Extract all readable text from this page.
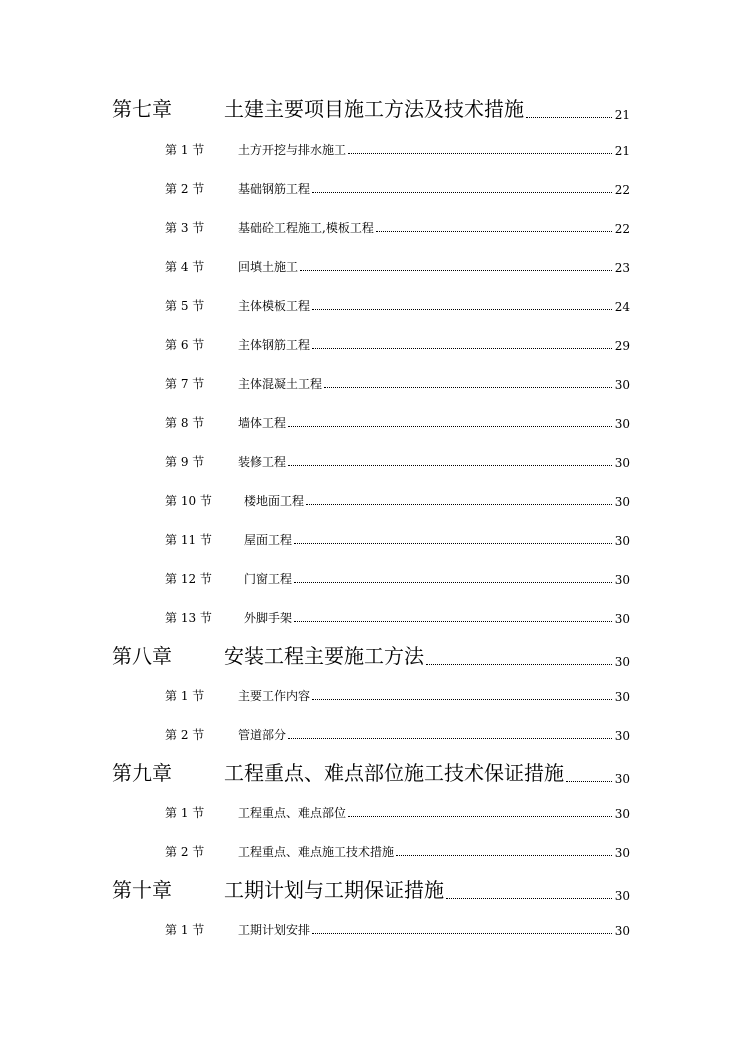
第七章	土建主要项目施工方法及技术措施	21
第 1 节	土方开挖与排水施工	21
第 2 节	基础钢筋工程	22
第 3 节	基础砼工程施工,模板工程	22
第 4 节	回填土施工	23
第 5 节	主体模板工程	24
第 6 节	主体钢筋工程	29
第 7 节	主体混凝土工程	30
第 8 节	墙体工程	30
第 9 节	装修工程	30
第 10 节	楼地面工程	30
第 11 节	屋面工程	30
第 12 节	门窗工程	30
第 13 节	外脚手架	30
第八章	安装工程主要施工方法	30
第 1 节	主要工作内容	30
第 2 节	管道部分	30
第九章	工程重点、难点部位施工技术保证措施	30
第 1 节	工程重点、难点部位	30
第 2 节	工程重点、难点施工技术措施	30
第十章	工期计划与工期保证措施	30
第 1 节	工期计划安排	30
